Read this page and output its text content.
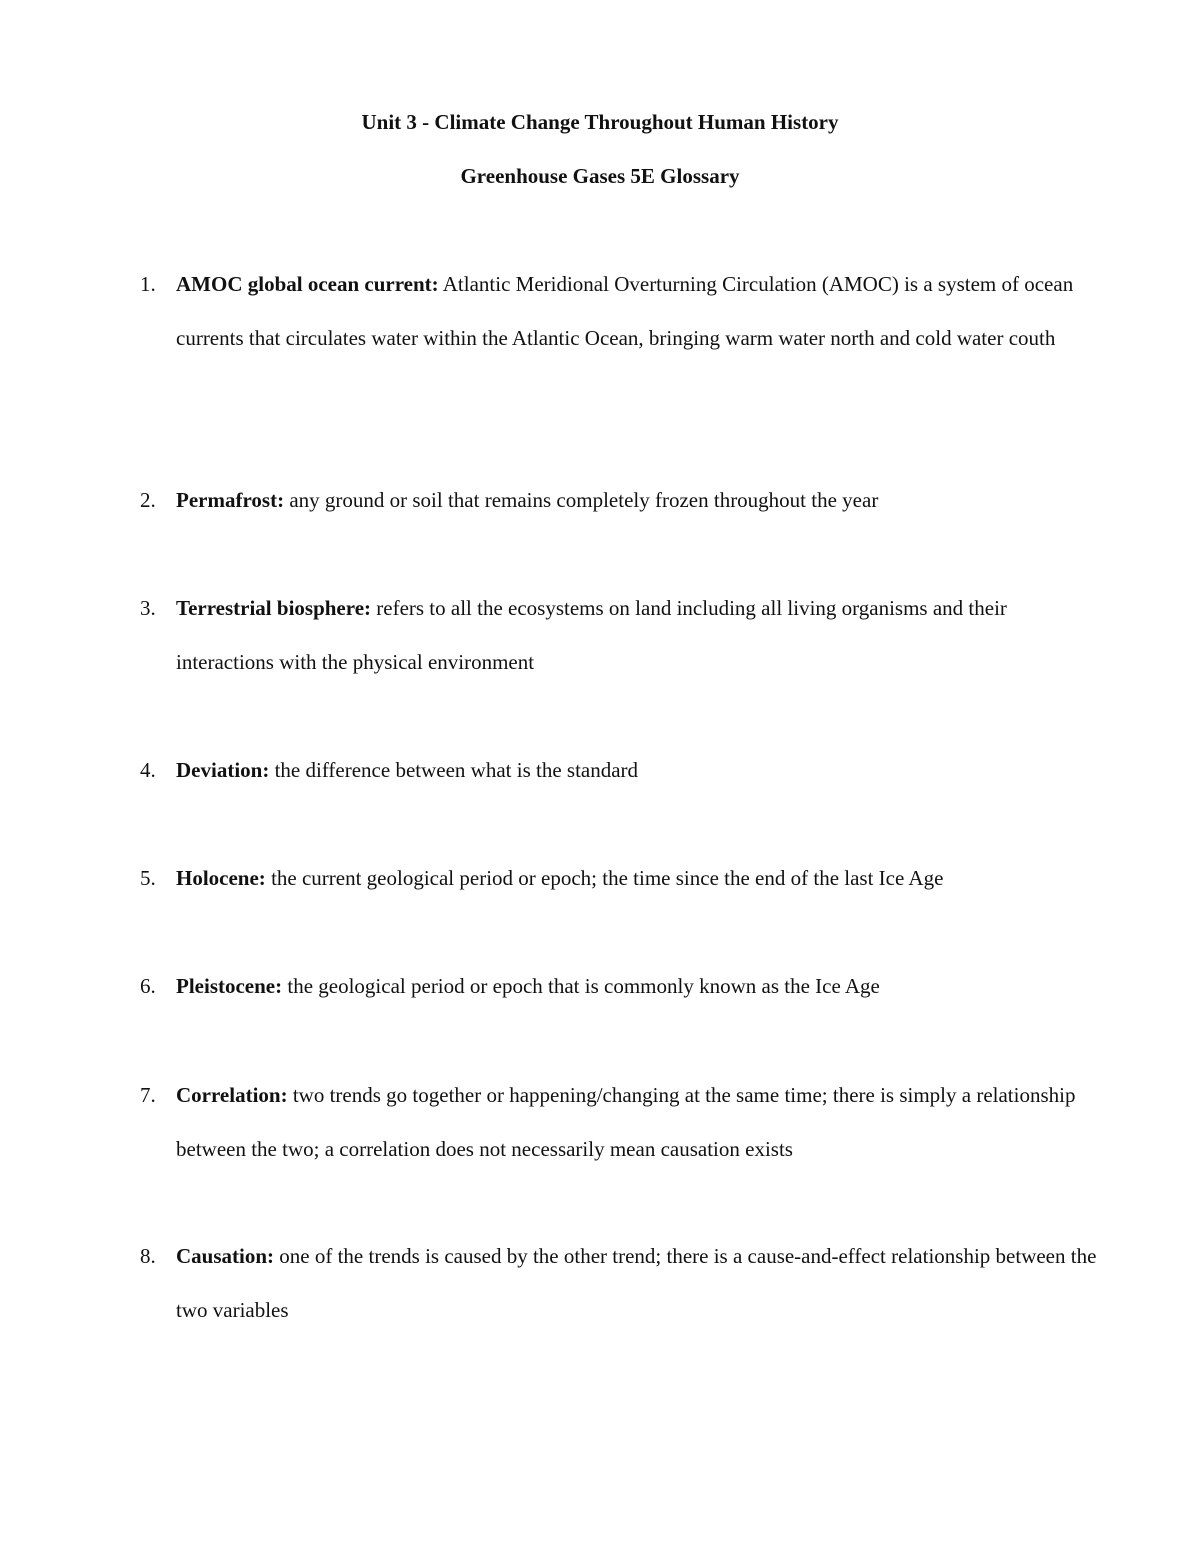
Unit 3 - Climate Change Throughout Human History
Greenhouse Gases 5E Glossary
1. AMOC global ocean current: Atlantic Meridional Overturning Circulation (AMOC) is a system of ocean currents that circulates water within the Atlantic Ocean, bringing warm water north and cold water couth
2. Permafrost: any ground or soil that remains completely frozen throughout the year
3. Terrestrial biosphere: refers to all the ecosystems on land including all living organisms and their interactions with the physical environment
4. Deviation: the difference between what is the standard
5. Holocene: the current geological period or epoch; the time since the end of the last Ice Age
6. Pleistocene: the geological period or epoch that is commonly known as the Ice Age
7. Correlation: two trends go together or happening/changing at the same time; there is simply a relationship between the two; a correlation does not necessarily mean causation exists
8. Causation: one of the trends is caused by the other trend; there is a cause-and-effect relationship between the two variables
